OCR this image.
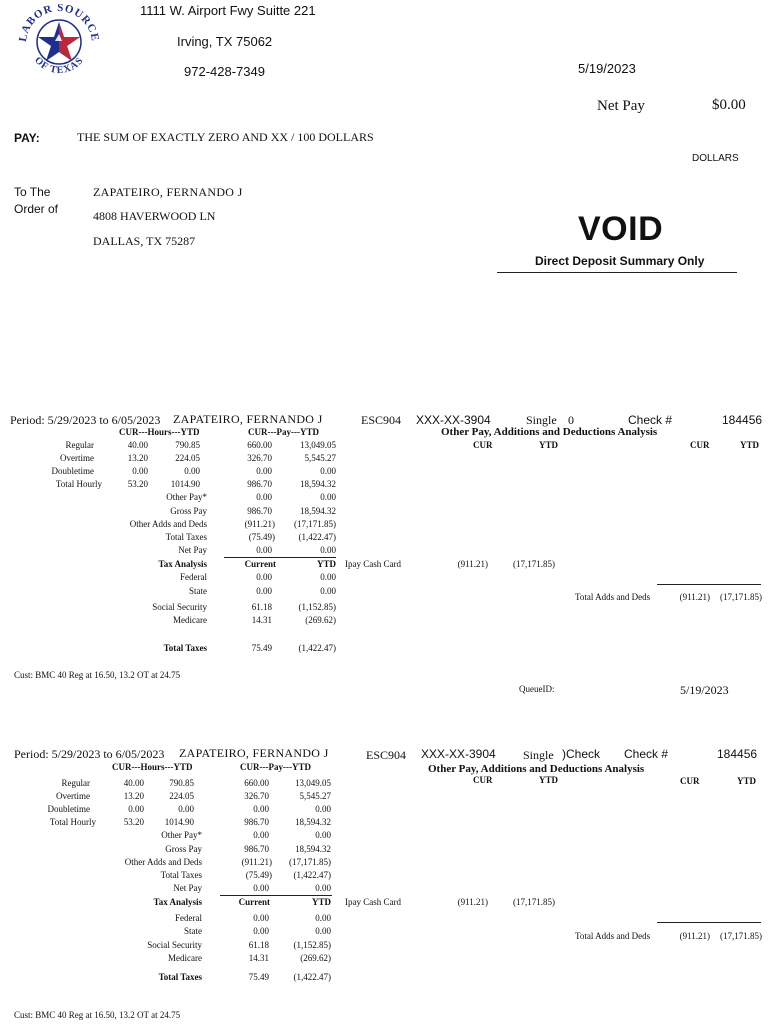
LABOR SOURCE
OF TEXAS
1111 W. Airport Fwy Suitte 221
Irving, TX 75062
972-428-7349	5/19/2023
Net Pay	$0.00
PAY:	THE SUM OF EXACTLY ZERO AND XX / 100 DOLLARS
DOLLARS
To The
Order of
ZAPATEIRO, FERNANDO J
4808 HAVERWOOD LN
DALLAS, TX 75287	VOID
Direct Deposit Summary Only
Period: 5/29/2023 to 6/05/2023 ZAPATEIRO, FERNANDO J	ESC904 XXX-XX-3904	Single 0	Check #	184456
CUR---Hours---YTD	CUR---Pay---YTD	Other Pay, Additions and Deductions Analysis
CUR	YTD	CUR	YTD
Regular	40.00	790.85	660.00	13,049.05
Overtime	13.20	224.05	326.70	5,545.27
Doubletime	0.00	0.00	0.00	0.00
Total Hourly	53.20	1014.90	986.70	18,594.32
Other Pay*	0.00	0.00
Gross Pay	986.70	18,594.32
Other Adds and Deds	(911.21)	(17,171.85)
Total Taxes	(75.49)	(1,422.47)
Net Pay	0.00	0.00
Tax Analysis	Current	YTD
Federal	0.00	0.00
State	0.00	0.00
Social Security	61.18	(1,152.85)
Medicare	14.31	(269.62)
Total Taxes	75.49	(1,422.47)
Ipay Cash Card	(911.21)	(17,171.85)
Total Adds and Deds	(911.21)	(17,171.85)
Cust: BMC 40 Reg at 16.50, 13.2 OT at 24.75
QueueID:	5/19/2023
Period: 5/29/2023 to 6/05/2023 ZAPATEIRO, FERNANDO J	ESC904 XXX-XX-3904 Single )Check Check #	184456
CUR---Hours---YTD	CUR---Pay---YTD	Other Pay, Additions and Deductions Analysis
CUR	YTD	CUR	YTD
Regular	40.00	790.85	660.00	13,049.05
Overtime	13.20	224.05	326.70	5,545.27
Doubletime	0.00	0.00	0.00	0.00
Total Hourly	53.20	1014.90	986.70	18,594.32
Other Pay*	0.00	0.00
Gross Pay	986.70	18,594.32
Other Adds and Deds	(911.21)	(17,171.85)
Total Taxes	(75.49)	(1,422.47)
Net Pay	0.00	0.00
Tax Analysis	Current	YTD
Federal	0.00	0.00
State	0.00	0.00
Social Security	61.18	(1,152.85)
Medicare	14.31	(269.62)
Total Taxes	75.49	(1,422.47)
Ipay Cash Card	(911.21)	(17,171.85)
Total Adds and Deds	(911.21)	(17,171.85)
Cust: BMC 40 Reg at 16.50, 13.2 OT at 24.75
